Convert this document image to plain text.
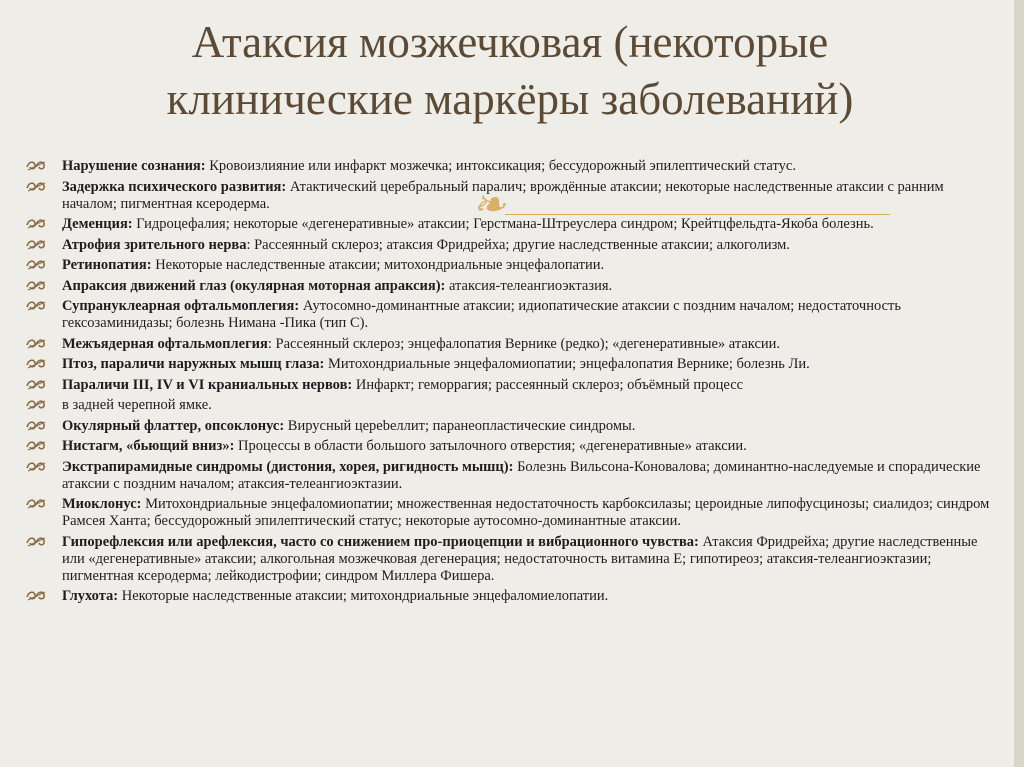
Атаксия мозжечковая (некоторые
клинические маркёры заболеваний)
❧
Нарушение сознания: Кровоизлияние или инфаркт мозжечка; интоксикация; бессудорожный эпилептический статус.
Задержка психического развития: Атактический церебральный паралич; врождённые атаксии; некоторые наследственные атаксии с ранним началом; пигментная ксеродерма.
Деменция: Гидроцефалия; некоторые «дегенеративные» атаксии; Герстмана-Штреуслера синдром; Крейтцфельдта-Якоба болезнь.
Атрофия зрительного нерва: Рассеянный склероз; атаксия Фридрейха; другие наследственные атаксии; алкоголизм.
Ретинопатия: Некоторые наследственные атаксии; митохондриальные энцефалопатии.
Апраксия движений глаз (окулярная моторная апраксия): атаксия-телеангиоэктазия.
Супрануклеарная офтальмоплегия: Аутосомно-доминантные атаксии; идиопатические атаксии с поздним началом; недостаточность гексозаминидазы; болезнь Нимана -Пика (тип С).
Межъядерная офтальмоплегия: Рассеянный склероз; энцефалопатия Вернике (редко); «дегенеративные» атаксии.
Птоз, параличи наружных мышц глаза: Митохондриальные энцефаломиопатии; энцефалопатия Вернике; болезнь Ли.
Параличи III, IV и VI краниальных нервов: Инфаркт; геморрагия; рассеянный склероз; объёмный процесс
в задней черепной ямке.
Окулярный флаттер, опсоклонус: Вирусный цереbеллит; паранеопластические синдромы.
Нистагм, «бьющий вниз»: Процессы в области большого затылочного отверстия; «дегенеративные» атаксии.
Экстрапирамидные синдромы (дистония, хорея, ригидность мышц): Болезнь Вильсона-Коновалова; доминантно-наследуемые и спорадические атаксии с поздним началом; атаксия-телеангиоэктазии.
Миоклонус: Митохондриальные энцефаломиопатии; множественная недостаточность карбоксилазы; цероидные липофусцинозы; сиалидоз; синдром Рамсея Ханта; бессудорожный эпилептический статус; некоторые аутосомно-доминантные атаксии.
Гипорефлексия или арефлексия, часто со снижением про-приоцепции и вибрационного чувства: Атаксия Фридрейха; другие наследственные или «дегенеративные» атаксии; алкогольная мозжечковая дегенерация; недостаточность витамина Е; гипотиреоз; атаксия-телеангиоэктазии; пигментная ксеродерма; лейкодистрофии; синдром Миллера Фишера.
Глухота: Некоторые наследственные атаксии; митохондриальные энцефаломиелопатии.
